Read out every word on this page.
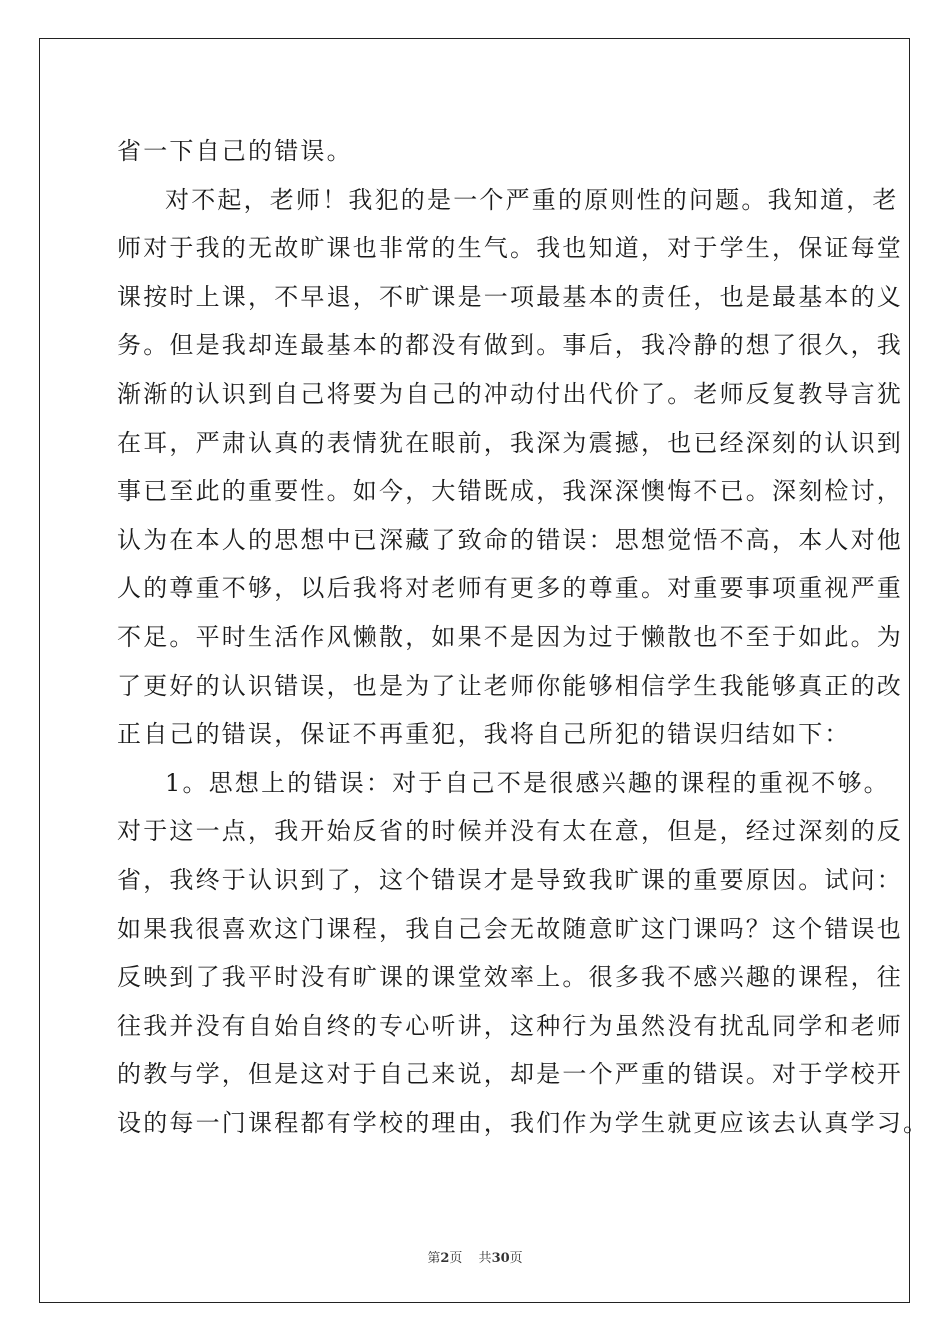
省一下自己的错误。
对不起，老师！我犯的是一个严重的原则性的问题。我知道，老
师对于我的无故旷课也非常的生气。我也知道，对于学生，保证每堂
课按时上课，不早退，不旷课是一项最基本的责任，也是最基本的义
务。但是我却连最基本的都没有做到。事后，我冷静的想了很久，我
渐渐的认识到自己将要为自己的冲动付出代价了。老师反复教导言犹
在耳，严肃认真的表情犹在眼前，我深为震撼，也已经深刻的认识到
事已至此的重要性。如今，大错既成，我深深懊悔不已。深刻检讨，
认为在本人的思想中已深藏了致命的错误：思想觉悟不高，本人对他
人的尊重不够，以后我将对老师有更多的尊重。对重要事项重视严重
不足。平时生活作风懒散，如果不是因为过于懒散也不至于如此。为
了更好的认识错误，也是为了让老师你能够相信学生我能够真正的改
正自己的错误，保证不再重犯，我将自己所犯的错误归结如下：
1。思想上的错误：对于自己不是很感兴趣的课程的重视不够。
对于这一点，我开始反省的时候并没有太在意，但是，经过深刻的反
省，我终于认识到了，这个错误才是导致我旷课的重要原因。试问：
如果我很喜欢这门课程，我自己会无故随意旷这门课吗？这个错误也
反映到了我平时没有旷课的课堂效率上。很多我不感兴趣的课程，往
往我并没有自始自终的专心听讲，这种行为虽然没有扰乱同学和老师
的教与学，但是这对于自己来说，却是一个严重的错误。对于学校开
设的每一门课程都有学校的理由，我们作为学生就更应该去认真学习。
第2页 共30页
